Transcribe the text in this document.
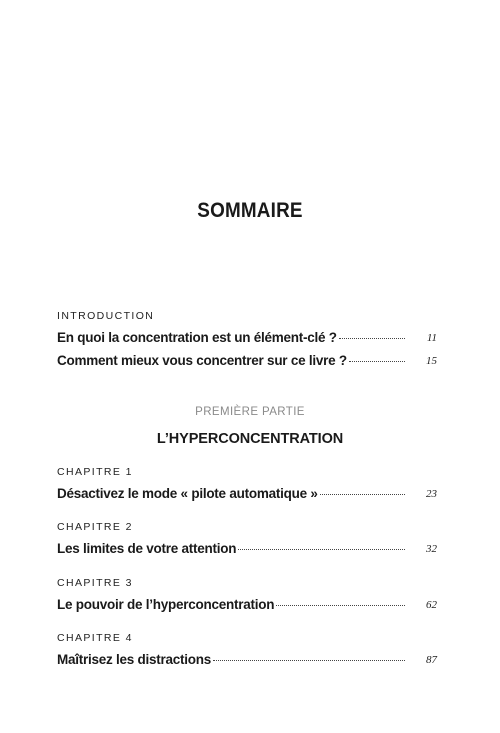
SOMMAIRE
INTRODUCTION
En quoi la concentration est un élément-clé ?	11
Comment mieux vous concentrer sur ce livre ?	15
PREMIÈRE PARTIE
L’HYPERCONCENTRATION
CHAPITRE 1
Désactivez le mode « pilote automatique »	23
CHAPITRE 2
Les limites de votre attention	32
CHAPITRE 3
Le pouvoir de l’hyperconcentration	62
CHAPITRE 4
Maîtrisez les distractions	87
